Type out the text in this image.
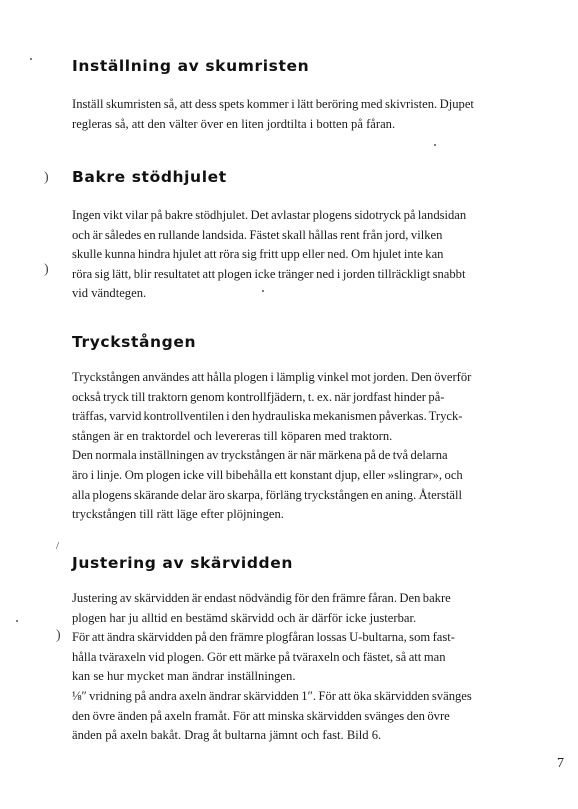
Inställning av skumristen
Inställ skumristen så, att dess spets kommer i lätt beröring med skivristen. Djupet
regleras så, att den välter över en liten jordtilta i botten på fåran.
Bakre stödhjulet
Ingen vikt vilar på bakre stödhjulet. Det avlastar plogens sidotryck på landsidan
och är således en rullande landsida. Fästet skall hållas rent från jord, vilken
skulle kunna hindra hjulet att röra sig fritt upp eller ned. Om hjulet inte kan
röra sig lätt, blir resultatet att plogen icke tränger ned i jorden tillräckligt snabbt
vid vändtegen.
Tryckstången
Tryckstången användes att hålla plogen i lämplig vinkel mot jorden. Den överför
också tryck till traktorn genom kontrollfjädern, t. ex. när jordfast hinder på-
träffas, varvid kontrollventilen i den hydrauliska mekanismen påverkas. Tryck-
stången är en traktordel och levereras till köparen med traktorn.
Den normala inställningen av tryckstången är när märkena på de två delarna
äro i linje. Om plogen icke vill bibehålla ett konstant djup, eller »slingrar», och
alla plogens skärande delar äro skarpa, förläng tryckstången en aning. Återställ
tryckstången till rätt läge efter plöjningen.
Justering av skärvidden
Justering av skärvidden är endast nödvändig för den främre fåran. Den bakre
plogen har ju alltid en bestämd skärvidd och är därför icke justerbar.
För att ändra skärvidden på den främre plogfåran lossas U-bultarna, som fast-
hålla tväraxeln vid plogen. Gör ett märke på tväraxeln och fästet, så att man
kan se hur mycket man ändrar inställningen.
⅛″ vridning på andra axeln ändrar skärvidden 1″. För att öka skärvidden svänges
den övre änden på axeln framåt. För att minska skärvidden svänges den övre
änden på axeln bakåt. Drag åt bultarna jämnt och fast. Bild 6.
7
)
)
)
/
